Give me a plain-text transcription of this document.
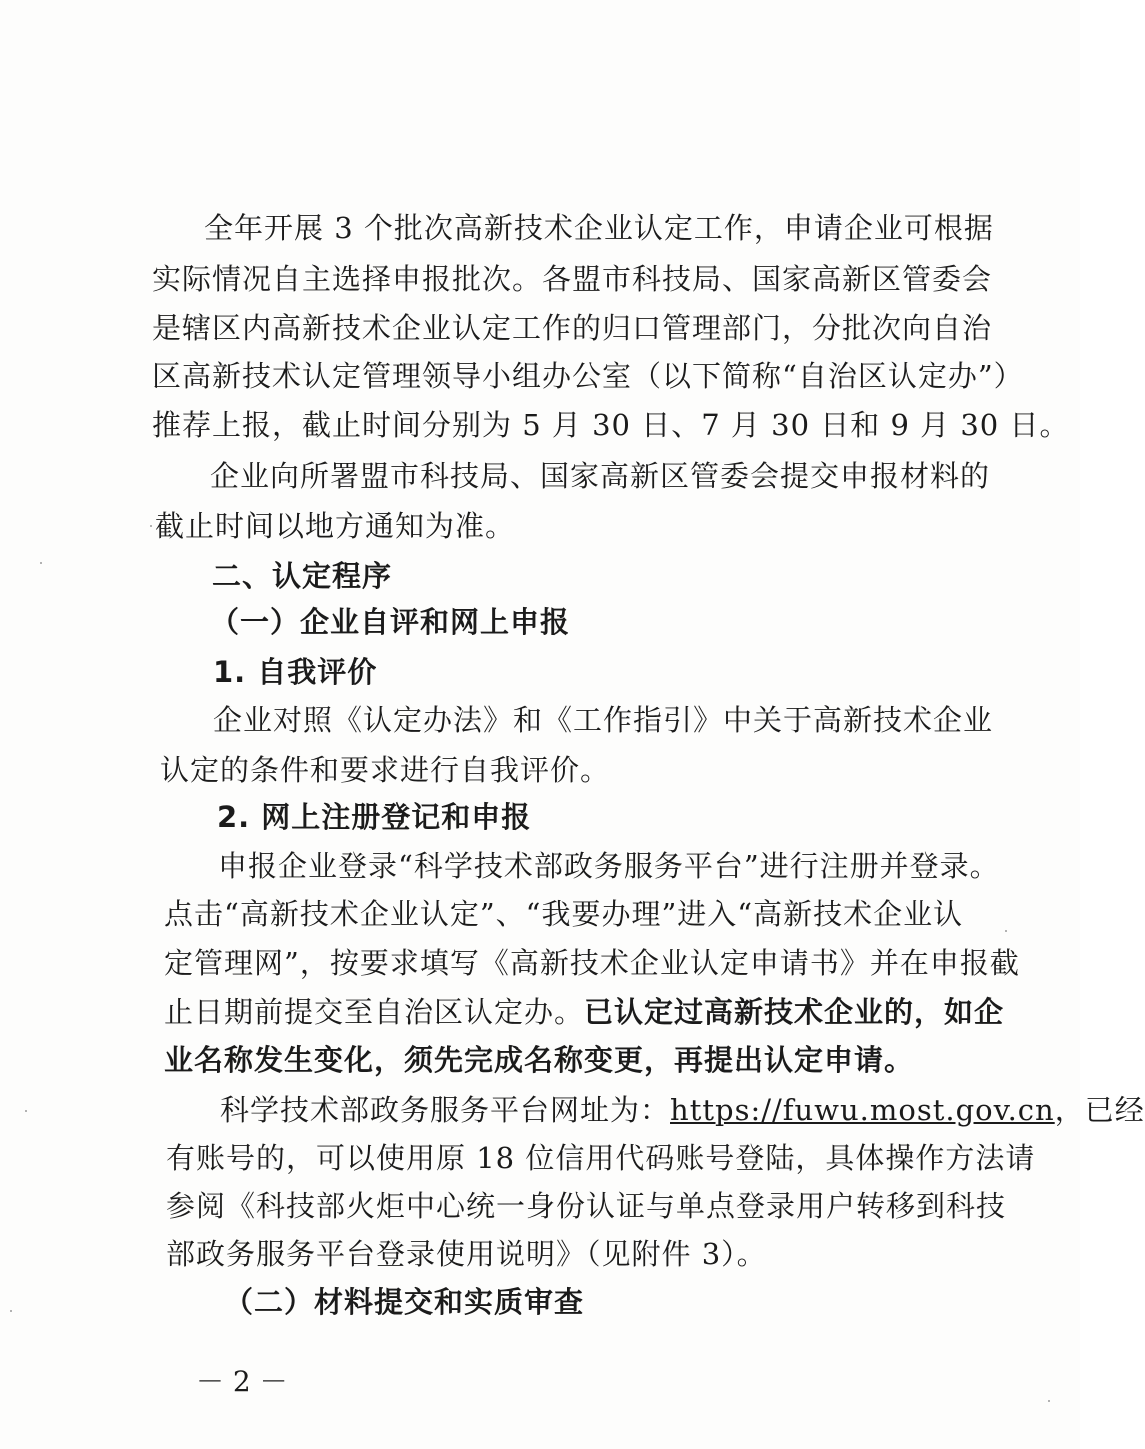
全年开展 3 个批次高新技术企业认定工作，申请企业可根据
实际情况自主选择申报批次。各盟市科技局、国家高新区管委会
是辖区内高新技术企业认定工作的归口管理部门，分批次向自治
区高新技术认定管理领导小组办公室（以下简称“自治区认定办”）
推荐上报，截止时间分别为 5 月 30 日、7 月 30 日和 9 月 30 日。
企业向所署盟市科技局、国家高新区管委会提交申报材料的
截止时间以地方通知为准。
二、认定程序
（一）企业自评和网上申报
1. 自我评价
企业对照《认定办法》和《工作指引》中关于高新技术企业
认定的条件和要求进行自我评价。
2. 网上注册登记和申报
申报企业登录“科学技术部政务服务平台”进行注册并登录。
点击“高新技术企业认定”、“我要办理”进入“高新技术企业认
定管理网”，按要求填写《高新技术企业认定申请书》并在申报截
止日期前提交至自治区认定办。已认定过高新技术企业的，如企
业名称发生变化，须先完成名称变更，再提出认定申请。
科学技术部政务服务平台网址为：https://fuwu.most.gov.cn，已经
有账号的，可以使用原 18 位信用代码账号登陆，具体操作方法请
参阅《科技部火炬中心统一身份认证与单点登录用户转移到科技
部政务服务平台登录使用说明》（见附件 3）。
（二）材料提交和实质审查
－ 2 －
